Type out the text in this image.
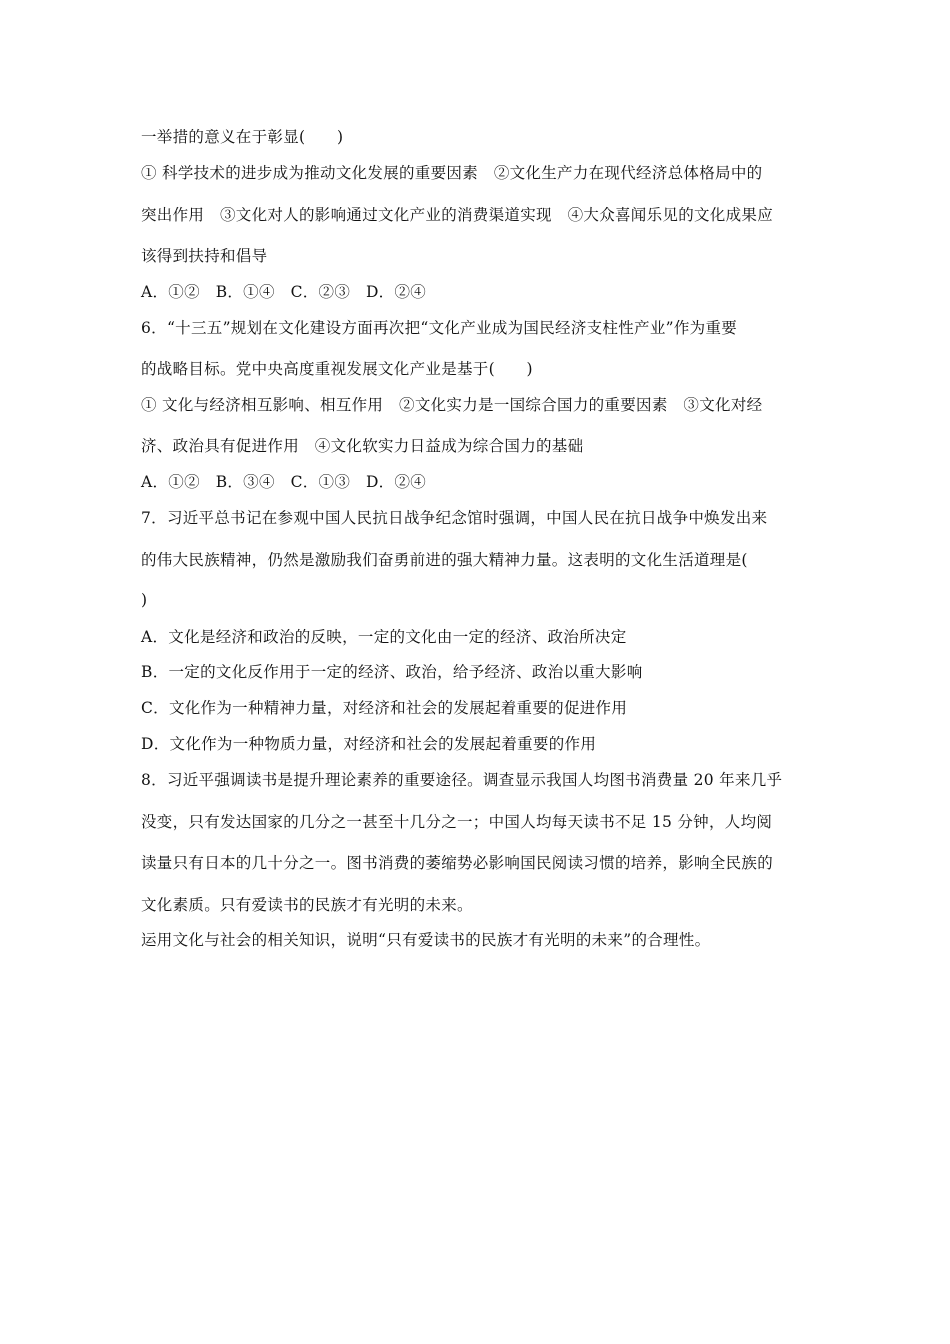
一举措的意义在于彰显(　　)
① 科学技术的进步成为推动文化发展的重要因素　②文化生产力在现代经济总体格局中的
突出作用　③文化对人的影响通过文化产业的消费渠道实现　④大众喜闻乐见的文化成果应
该得到扶持和倡导
A．①②　B．①④　C．②③　D．②④
6．“十三五”规划在文化建设方面再次把“文化产业成为国民经济支柱性产业”作为重要
的战略目标。党中央高度重视发展文化产业是基于(　　)
① 文化与经济相互影响、相互作用　②文化实力是一国综合国力的重要因素　③文化对经
济、政治具有促进作用　④文化软实力日益成为综合国力的基础
A．①②　B．③④　C．①③　D．②④
7．习近平总书记在参观中国人民抗日战争纪念馆时强调，中国人民在抗日战争中焕发出来
的伟大民族精神，仍然是激励我们奋勇前进的强大精神力量。这表明的文化生活道理是(
)
A．文化是经济和政治的反映，一定的文化由一定的经济、政治所决定
B．一定的文化反作用于一定的经济、政治，给予经济、政治以重大影响
C．文化作为一种精神力量，对经济和社会的发展起着重要的促进作用
D．文化作为一种物质力量，对经济和社会的发展起着重要的作用
8．习近平强调读书是提升理论素养的重要途径。调查显示我国人均图书消费量 20 年来几乎
没变，只有发达国家的几分之一甚至十几分之一；中国人均每天读书不足 15 分钟，人均阅
读量只有日本的几十分之一。图书消费的萎缩势必影响国民阅读习惯的培养，影响全民族的
文化素质。只有爱读书的民族才有光明的未来。
运用文化与社会的相关知识，说明“只有爱读书的民族才有光明的未来”的合理性。
